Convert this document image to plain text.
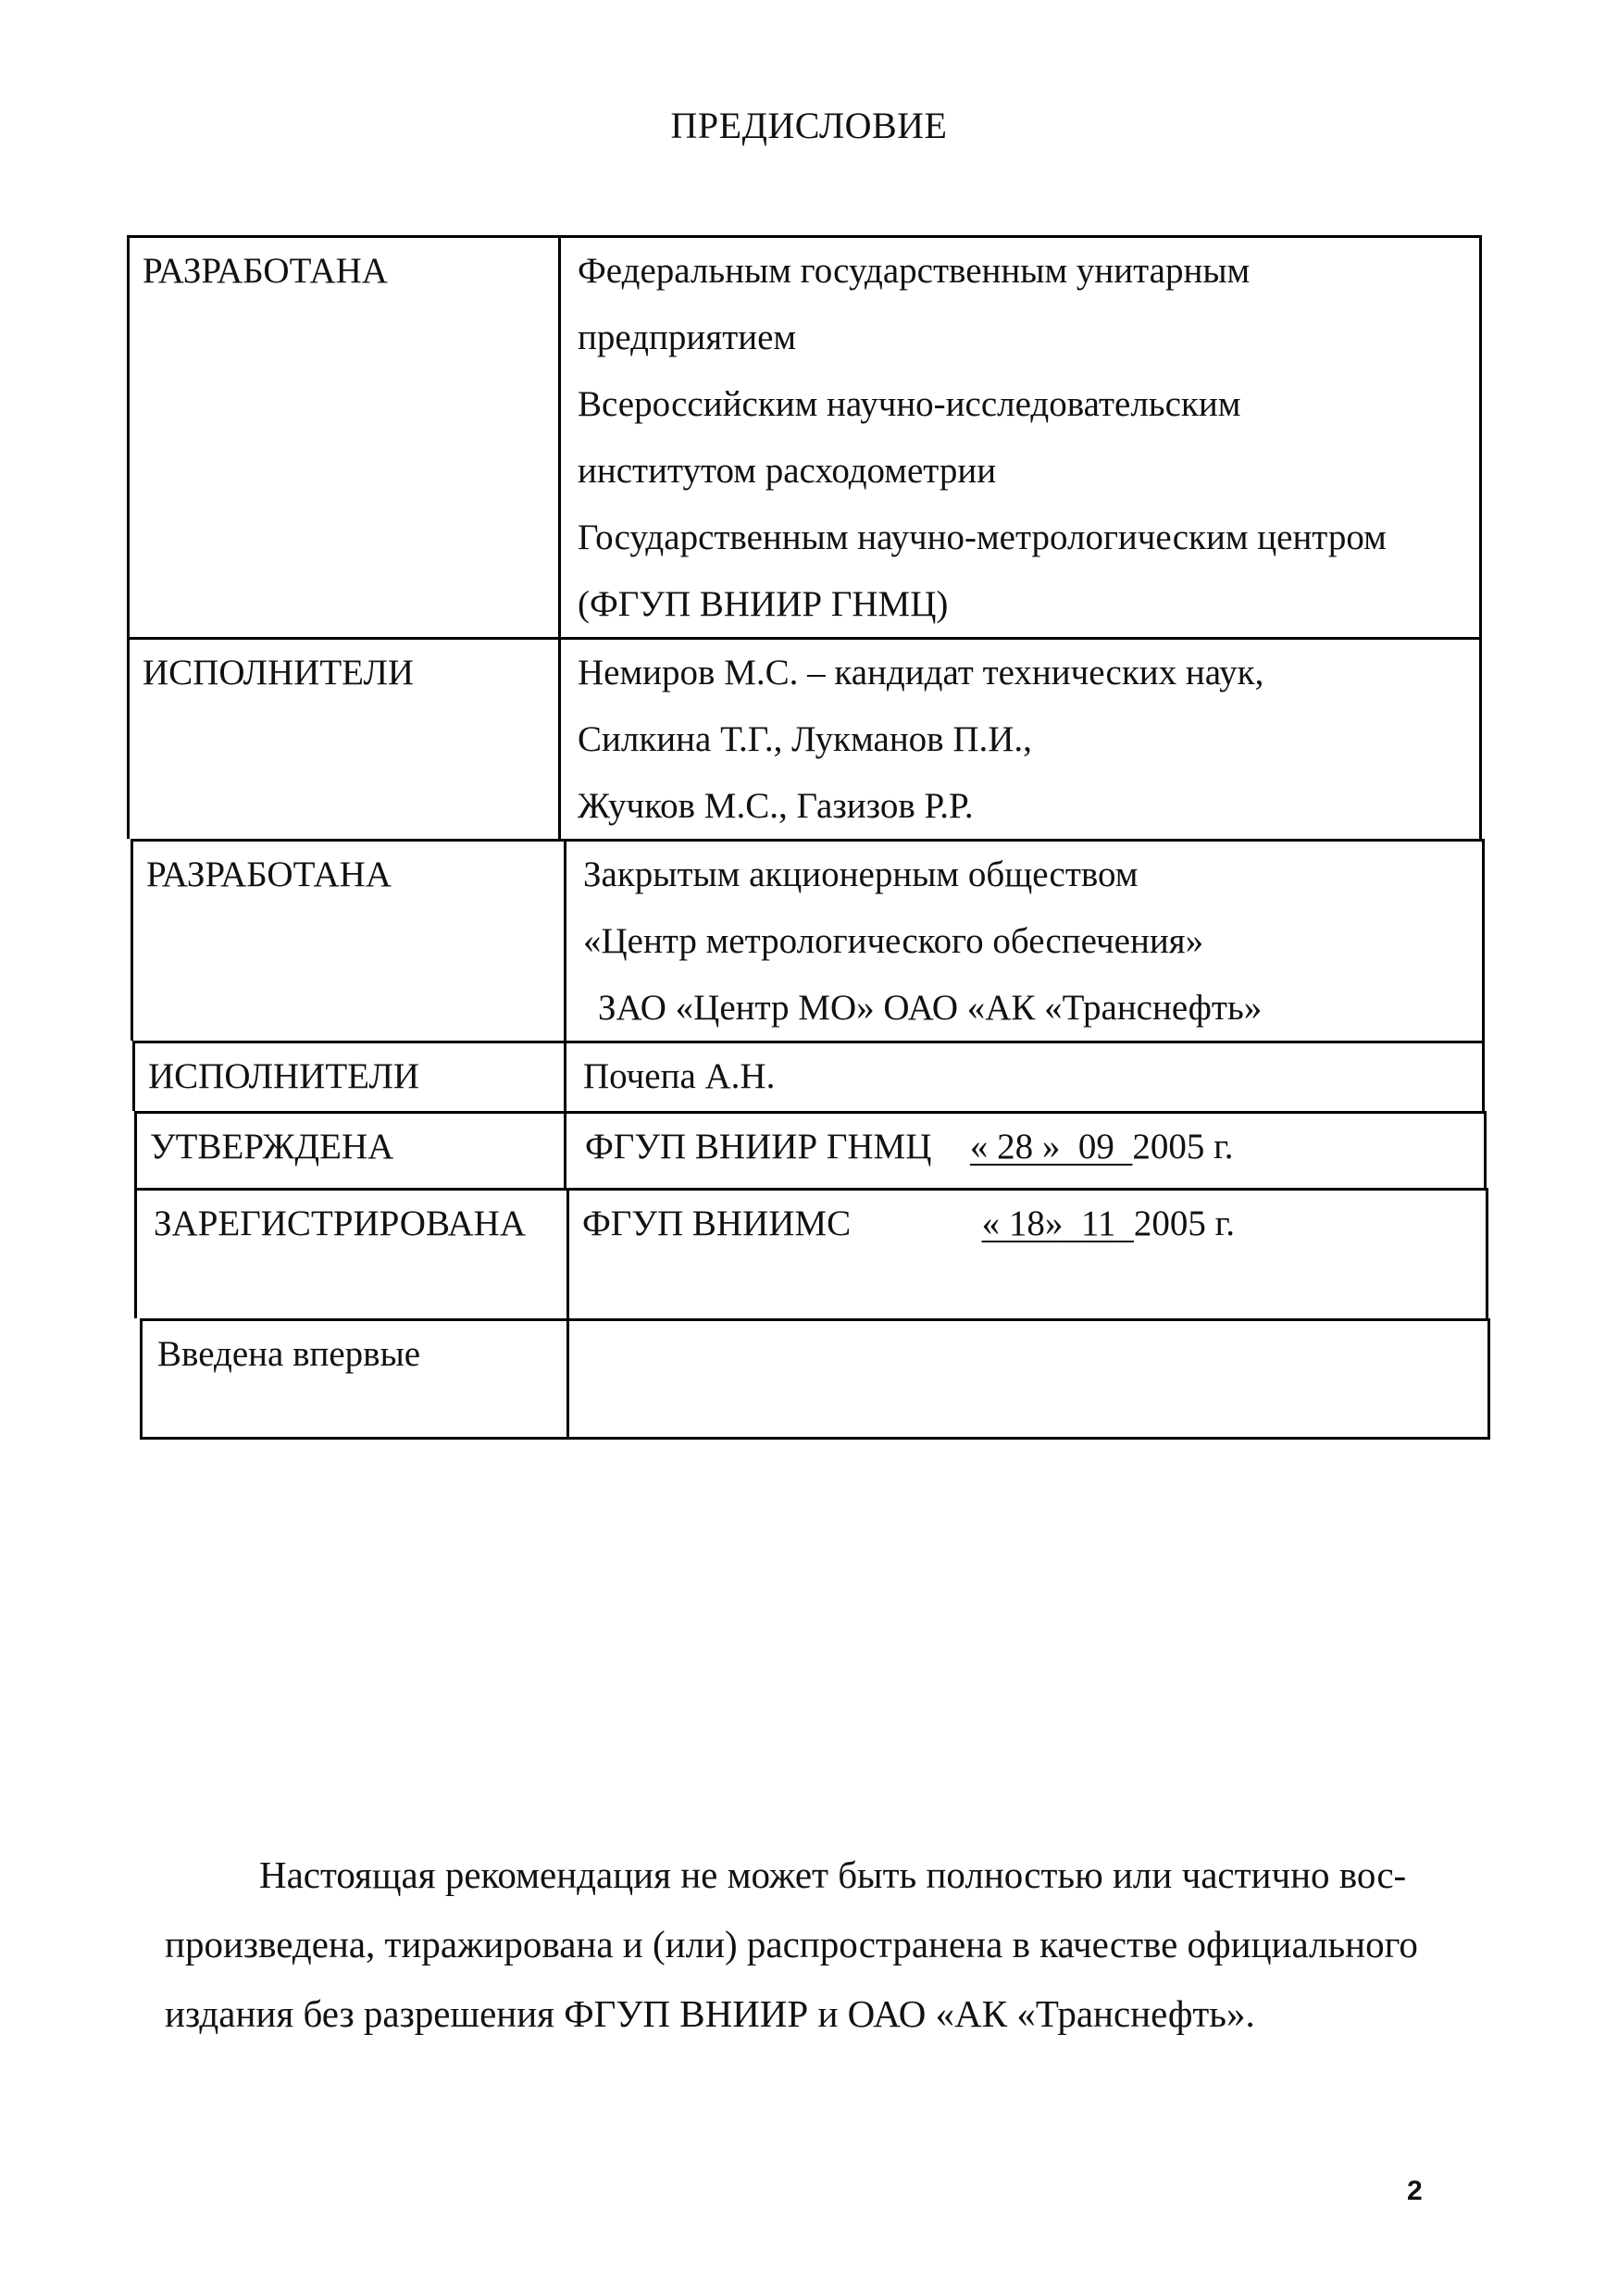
ПРЕДИСЛОВИЕ
РАЗРАБОТАНА	Федеральным государственным унитарным
предприятием
Всероссийским научно-исследовательским
институтом расходометрии
Государственным научно-метрологическим центром
(ФГУП ВНИИР ГНМЦ)
ИСПОЛНИТЕЛИ	Немиров М.С. – кандидат технических наук,
Силкина Т.Г., Лукманов П.И.,
Жучков М.С., Газизов Р.Р.
РАЗРАБОТАНА	Закрытым акционерным обществом
«Центр метрологического обеспечения»
ЗАО «Центр МО» ОАО «АК «Транснефть»
ИСПОЛНИТЕЛИ	Почепа А.Н.
УТВЕРЖДЕНА	ФГУП ВНИИР ГНМЦ « 28 » 09 2005 г.
ЗАРЕГИСТРИРОВАНА	ФГУП ВНИИМС	« 18» 11 2005 г.
Введена впервые
Настоящая рекомендация не может быть полностью или частично вос-
произведена, тиражирована и (или) распространена в качестве официального
издания без разрешения ФГУП ВНИИР и ОАО «АК «Транснефть».
2
